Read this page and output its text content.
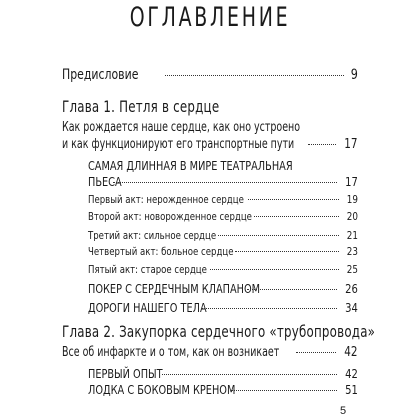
ОГЛАВЛЕНИЕ
Предисловие	9
Глава 1. Петля в сердце
Как рождается наше сердце, как оно устроено
и как функционируют его транспортные пути	17
САМАЯ ДЛИННАЯ В МИРЕ ТЕАТРАЛЬНАЯ
ПЬЕСА	17
Первый акт: нерожденное сердце	19
Второй акт: новорожденное сердце	20
Третий акт: сильное сердце	21
Четвертый акт: больное сердце	23
Пятый акт: старое сердце	25
ПОКЕР С СЕРДЕЧНЫМ КЛАПАНОМ	26
ДОРОГИ НАШЕГО ТЕЛА	34
Глава 2. Закупорка сердечного «трубопровода»
Все об инфаркте и о том, как он возникает	42
ПЕРВЫЙ ОПЫТ	42
ЛОДКА С БОКОВЫМ КРЕНОМ	51
5
